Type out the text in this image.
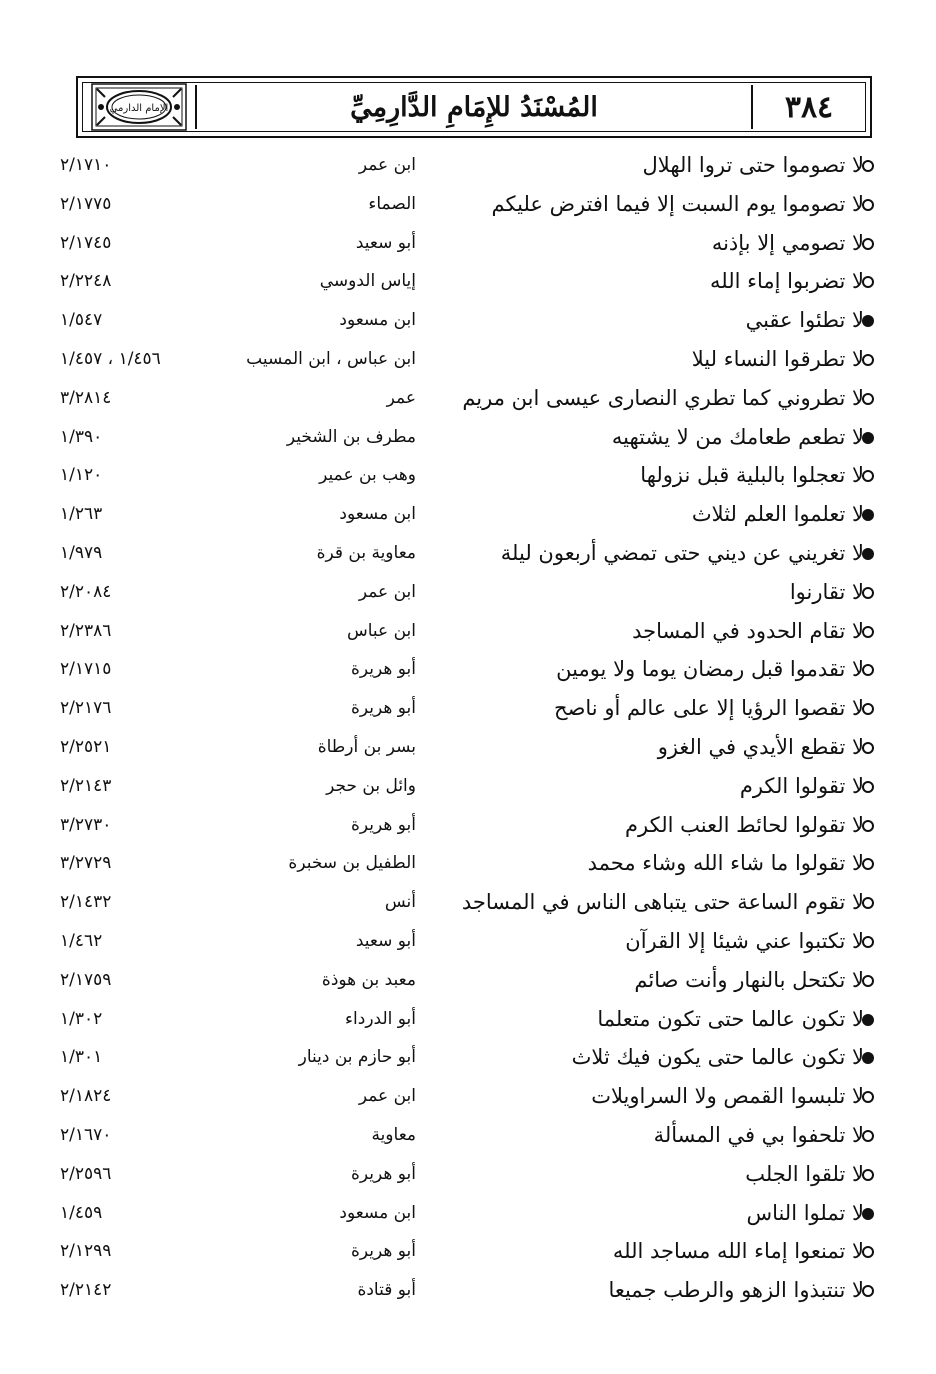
الإمام الدارمي	المُسْنَدُ للإِمَامِ الدَّارِمِيِّ	٣٨٤
لا تصوموا حتى تروا الهلال
ابن عمر
٢/١٧١٠
لا تصوموا يوم السبت إلا فيما افترض عليكم
الصماء
٢/١٧٧٥
لا تصومي إلا بإذنه
أبو سعيد
٢/١٧٤٥
لا تضربوا إماء الله
إياس الدوسي
٢/٢٢٤٨
لا تطئوا عقبي
ابن مسعود
١/٥٤٧
لا تطرقوا النساء ليلا
ابن عباس ، ابن المسيب
١/٤٥٦ ، ١/٤٥٧
لا تطروني كما تطري النصارى عيسى ابن مريم
عمر
٣/٢٨١٤
لا تطعم طعامك من لا يشتهيه
مطرف بن الشخير
١/٣٩٠
لا تعجلوا بالبلية قبل نزولها
وهب بن عمير
١/١٢٠
لا تعلموا العلم لثلاث
ابن مسعود
١/٢٦٣
لا تغريني عن ديني حتى تمضي أربعون ليلة
معاوية بن قرة
١/٩٧٩
لا تقارنوا
ابن عمر
٢/٢٠٨٤
لا تقام الحدود في المساجد
ابن عباس
٢/٢٣٨٦
لا تقدموا قبل رمضان يوما ولا يومين
أبو هريرة
٢/١٧١٥
لا تقصوا الرؤيا إلا على عالم أو ناصح
أبو هريرة
٢/٢١٧٦
لا تقطع الأيدي في الغزو
بسر بن أرطاة
٢/٢٥٢١
لا تقولوا الكرم
وائل بن حجر
٢/٢١٤٣
لا تقولوا لحائط العنب الكرم
أبو هريرة
٣/٢٧٣٠
لا تقولوا ما شاء الله وشاء محمد
الطفيل بن سخبرة
٣/٢٧٢٩
لا تقوم الساعة حتى يتباهى الناس في المساجد
أنس
٢/١٤٣٢
لا تكتبوا عني شيئا إلا القرآن
أبو سعيد
١/٤٦٢
لا تكتحل بالنهار وأنت صائم
معبد بن هوذة
٢/١٧٥٩
لا تكون عالما حتى تكون متعلما
أبو الدرداء
١/٣٠٢
لا تكون عالما حتى يكون فيك ثلاث
أبو حازم بن دينار
١/٣٠١
لا تلبسوا القمص ولا السراويلات
ابن عمر
٢/١٨٢٤
لا تلحفوا بي في المسألة
معاوية
٢/١٦٧٠
لا تلقوا الجلب
أبو هريرة
٢/٢٥٩٦
لا تملوا الناس
ابن مسعود
١/٤٥٩
لا تمنعوا إماء الله مساجد الله
أبو هريرة
٢/١٢٩٩
لا تنتبذوا الزهو والرطب جميعا
أبو قتادة
٢/٢١٤٢
